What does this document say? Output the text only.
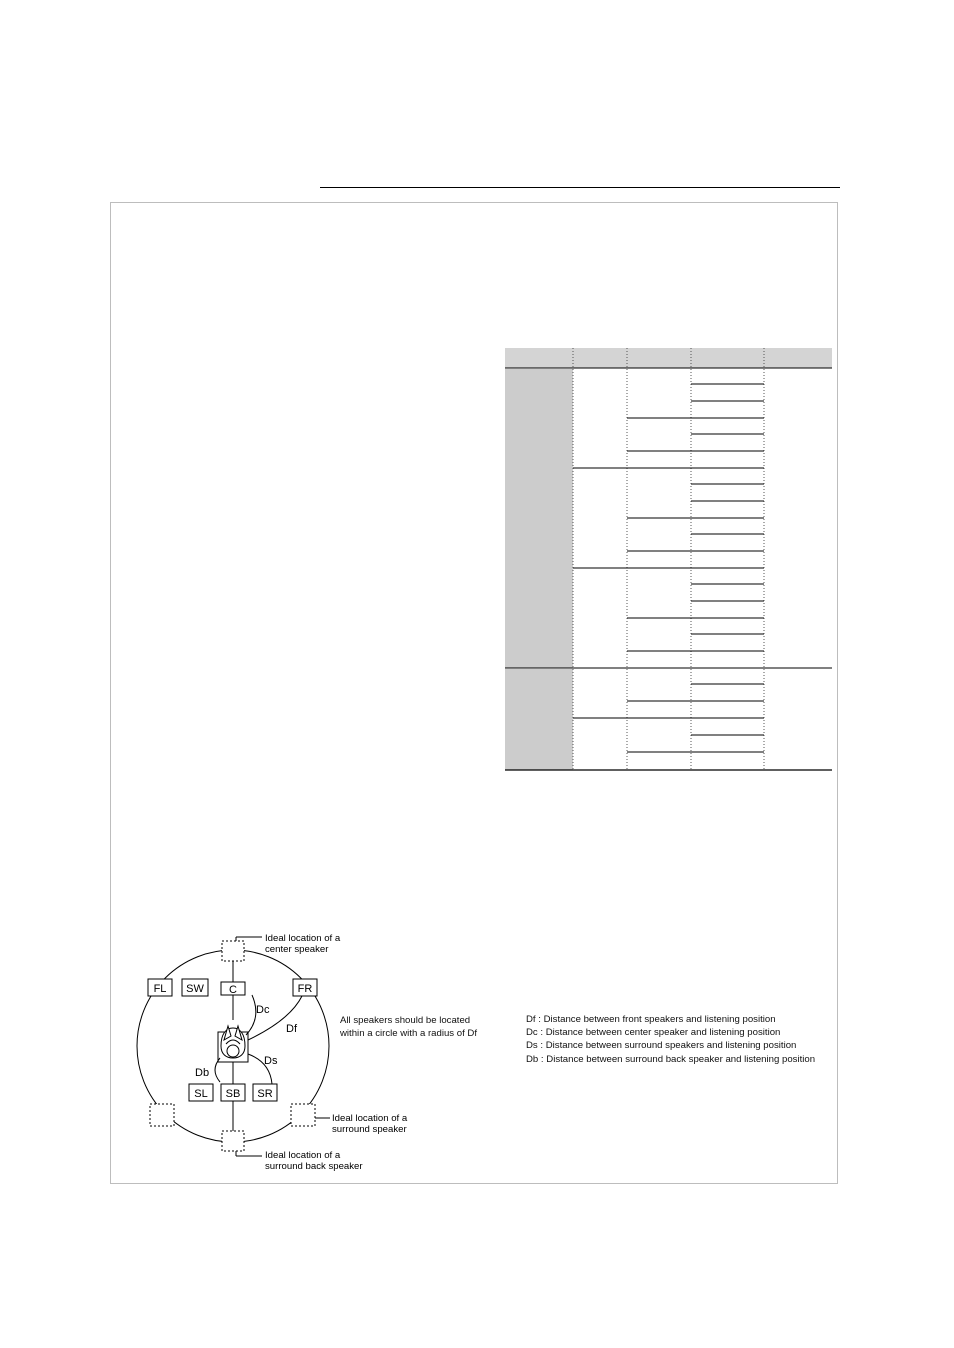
FL SW C	FR
SL SB SR
Dc
Df
Ds
Db
Ideal location of a
center speaker
Ideal location of a
surround speaker
Ideal location of a
surround back speaker
All speakers should be located
within a circle with a radius of Df
Df : Distance between front speakers and listening position
Dc : Distance between center speaker and listening position
Ds : Distance between surround speakers and listening position
Db : Distance between surround back speaker and listening position
